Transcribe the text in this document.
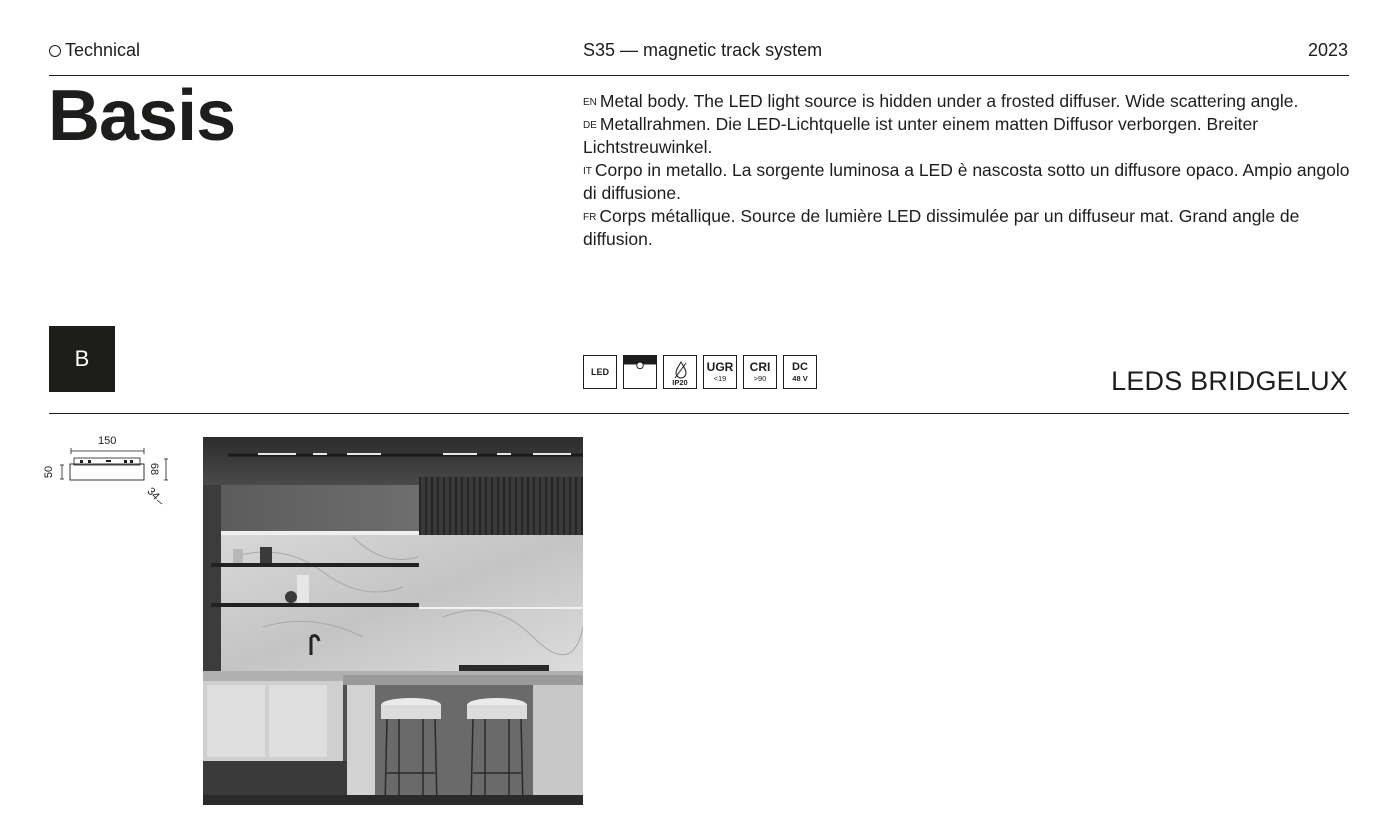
Technical	S35 — magnetic track system	2023
Basis	$^{EN}$ Metal body. The LED light source is hidden under a frosted diffuser. Wide scattering angle.

$^{DE}$ Metallrahmen. Die LED-Lichtquelle ist unter einem matten Diffusor verborgen. Breiter Lichtstreuwinkel.

$^{IT}$ Corpo in metallo. La sorgente luminosa a LED è nascosta sotto un diffusore opaco. Ampio angolo di diffusione.

$^{FR}$ Corps métallique. Source de lumière LED dissimulée par un diffuseur mat. Grand angle de diffusion.

B
LED
IP20
UGR
<19
CRI
>90
DC
48 V	LEDS BRIDGELUX
150
50	68
34
